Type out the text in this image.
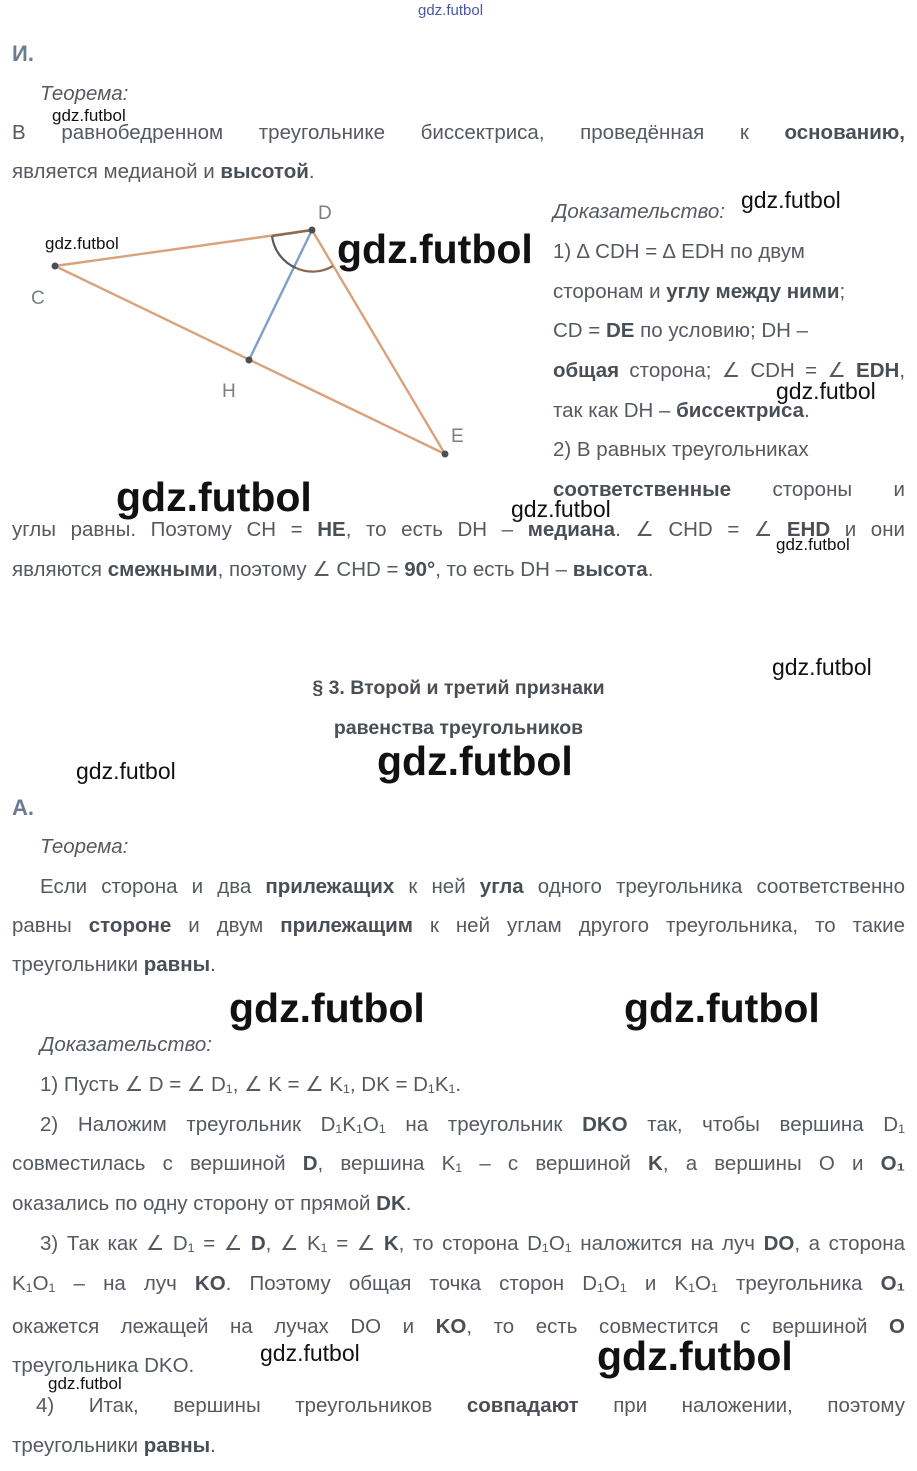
gdz.futbol
И.
Теорема:
В равнобедренном треугольнике биссектриса, проведённая к основанию,
является медианой и высотой.
C
D
H
E
Доказательство:
1) ∆ CDH = ∆ EDH по двум
сторонам и углу между ними;
CD = DE по условию; DH –
общая сторона; ∠ CDH = ∠ EDH,
так как DH – биссектриса.
2) В равных треугольниках
соответственные стороны и
углы равны. Поэтому CH = HE, то есть DH – медиана. ∠ CHD = ∠ EHD и они
являются смежными, поэтому ∠ CHD = 90°, то есть DH – высота.
§ 3. Второй и третий признаки
равенства треугольников
А.
Теорема:
Если сторона и два прилежащих к ней угла одного треугольника соответственно
равны стороне и двум прилежащим к ней углам другого треугольника, то такие
треугольники равны.
Доказательство:
1) Пусть ∠ D = ∠ D₁, ∠ K = ∠ K₁, DK = D₁K₁.
2) Наложим треугольник D₁K₁O₁ на треугольник DKO так, чтобы вершина D₁
совместилась с вершиной D, вершина K₁ – с вершиной K, а вершины O и O₁
оказались по одну сторону от прямой DK.
3) Так как ∠ D₁ = ∠ D, ∠ K₁ = ∠ K, то сторона D₁O₁ наложится на луч DO, а сторона
K₁O₁ – на луч KO. Поэтому общая точка сторон D₁O₁ и K₁O₁ треугольника O₁
окажется лежащей на лучах DO и KO, то есть совместится с вершиной O
треугольника DKO.
4) Итак, вершины треугольников совпадают при наложении, поэтому
треугольники равны.
gdz.futbol
gdz.futbol
gdz.futbol	gdz.futbol
gdz.futbol
gdz.futbol	gdz.futbol
gdz.futbol
gdz.futbol
gdz.futbol
gdz.futbol
gdz.futbol	gdz.futbol
gdz.futbol	gdz.futbol
gdz.futbol
